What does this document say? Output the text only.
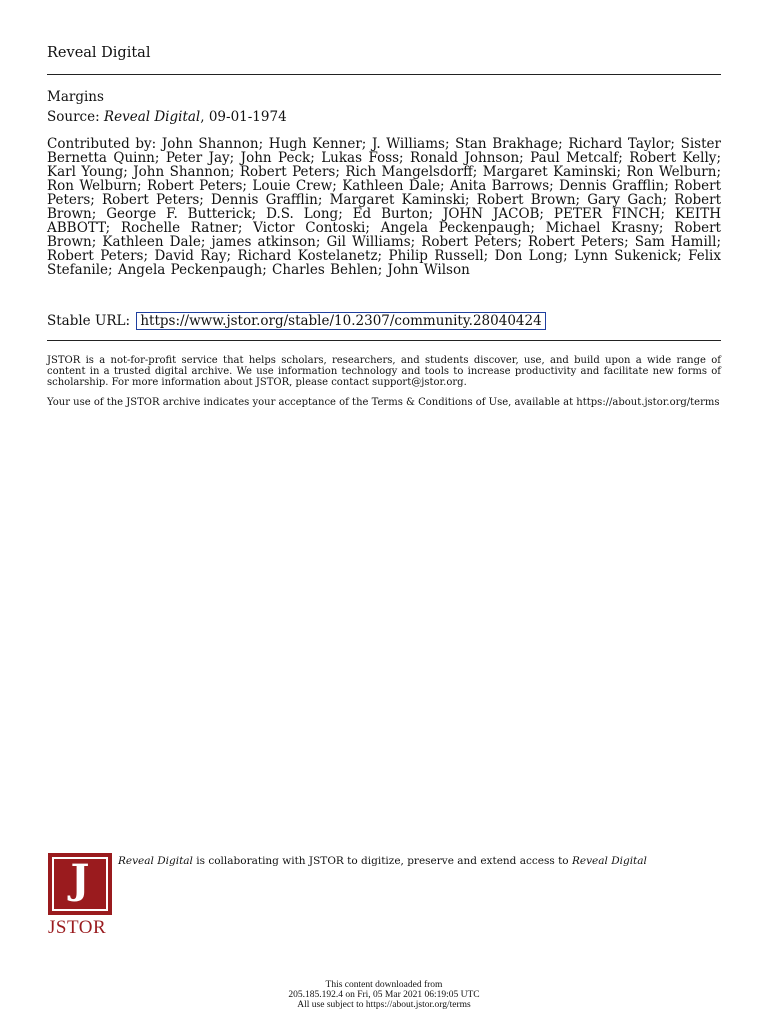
Reveal Digital
Margins
Source: Reveal Digital, 09-01-1974
Contributed by: John Shannon; Hugh Kenner; J. Williams; Stan Brakhage; Richard Taylor; Sister Bernetta Quinn; Peter Jay; John Peck; Lukas Foss; Ronald Johnson; Paul Metcalf; Robert Kelly; Karl Young; John Shannon; Robert Peters; Rich Mangelsdorff; Margaret Kaminski; Ron Welburn; Ron Welburn; Robert Peters; Louie Crew; Kathleen Dale; Anita Barrows; Dennis Grafflin; Robert Peters; Robert Peters; Dennis Grafflin; Margaret Kaminski; Robert Brown; Gary Gach; Robert Brown; George F. Butterick; D.S. Long; Ed Burton; JOHN JACOB; PETER FINCH; KEITH ABBOTT; Rochelle Ratner; Victor Contoski; Angela Peckenpaugh; Michael Krasny; Robert Brown; Kathleen Dale; james atkinson; Gil Williams; Robert Peters; Robert Peters; Sam Hamill; Robert Peters; David Ray; Richard Kostelanetz; Philip Russell; Don Long; Lynn Sukenick; Felix Stefanile; Angela Peckenpaugh; Charles Behlen; John Wilson
Stable URL: https://www.jstor.org/stable/10.2307/community.28040424
JSTOR is a not-for-profit service that helps scholars, researchers, and students discover, use, and build upon a wide range of content in a trusted digital archive. We use information technology and tools to increase productivity and facilitate new forms of scholarship. For more information about JSTOR, please contact support@jstor.org.
Your use of the JSTOR archive indicates your acceptance of the Terms & Conditions of Use, available at https://about.jstor.org/terms
J
JSTOR
Reveal Digital is collaborating with JSTOR to digitize, preserve and extend access to Reveal Digital
This content downloaded from
205.185.192.4 on Fri, 05 Mar 2021 06:19:05 UTC
All use subject to https://about.jstor.org/terms
